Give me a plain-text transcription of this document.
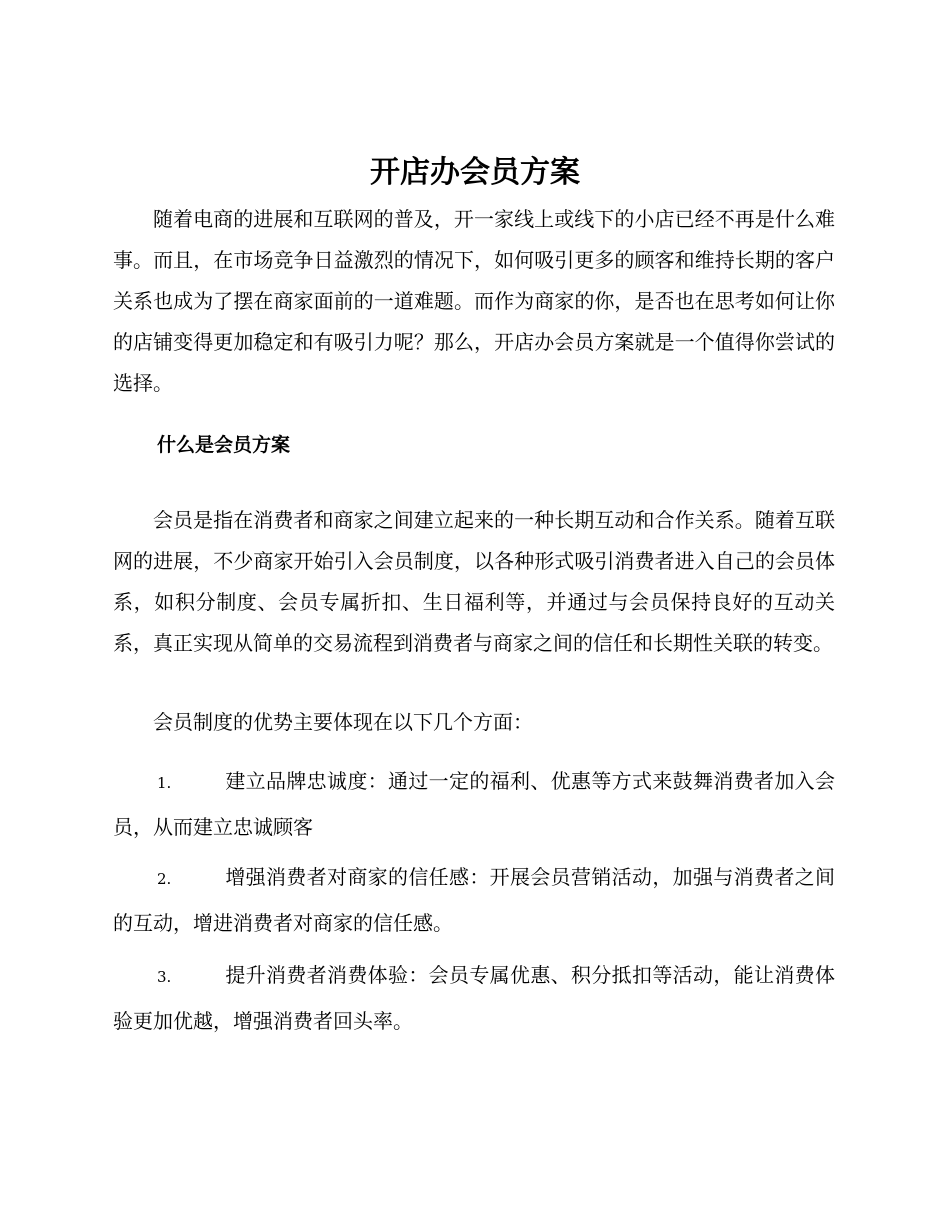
开店办会员方案

随着电商的进展和互联网的普及，开一家线上或线下的小店已经不再是什么难事。而且，在市场竞争日益激烈的情况下，如何吸引更多的顾客和维持长期的客户关系也成为了摆在商家面前的一道难题。而作为商家的你，是否也在思考如何让你的店铺变得更加稳定和有吸引力呢？那么，开店办会员方案就是一个值得你尝试的选择。

什么是会员方案

会员是指在消费者和商家之间建立起来的一种长期互动和合作关系。随着互联网的进展，不少商家开始引入会员制度，以各种形式吸引消费者进入自己的会员体系，如积分制度、会员专属折扣、生日福利等，并通过与会员保持良好的互动关系，真正实现从简单的交易流程到消费者与商家之间的信任和长期性关联的转变。

会员制度的优势主要体现在以下几个方面：

1.	建立品牌忠诚度：通过一定的福利、优惠等方式来鼓舞消费者加入会员，从而建立忠诚顾客

2.	增强消费者对商家的信任感：开展会员营销活动，加强与消费者之间的互动，增进消费者对商家的信任感。

3.	提升消费者消费体验：会员专属优惠、积分抵扣等活动，能让消费体验更加优越，增强消费者回头率。
